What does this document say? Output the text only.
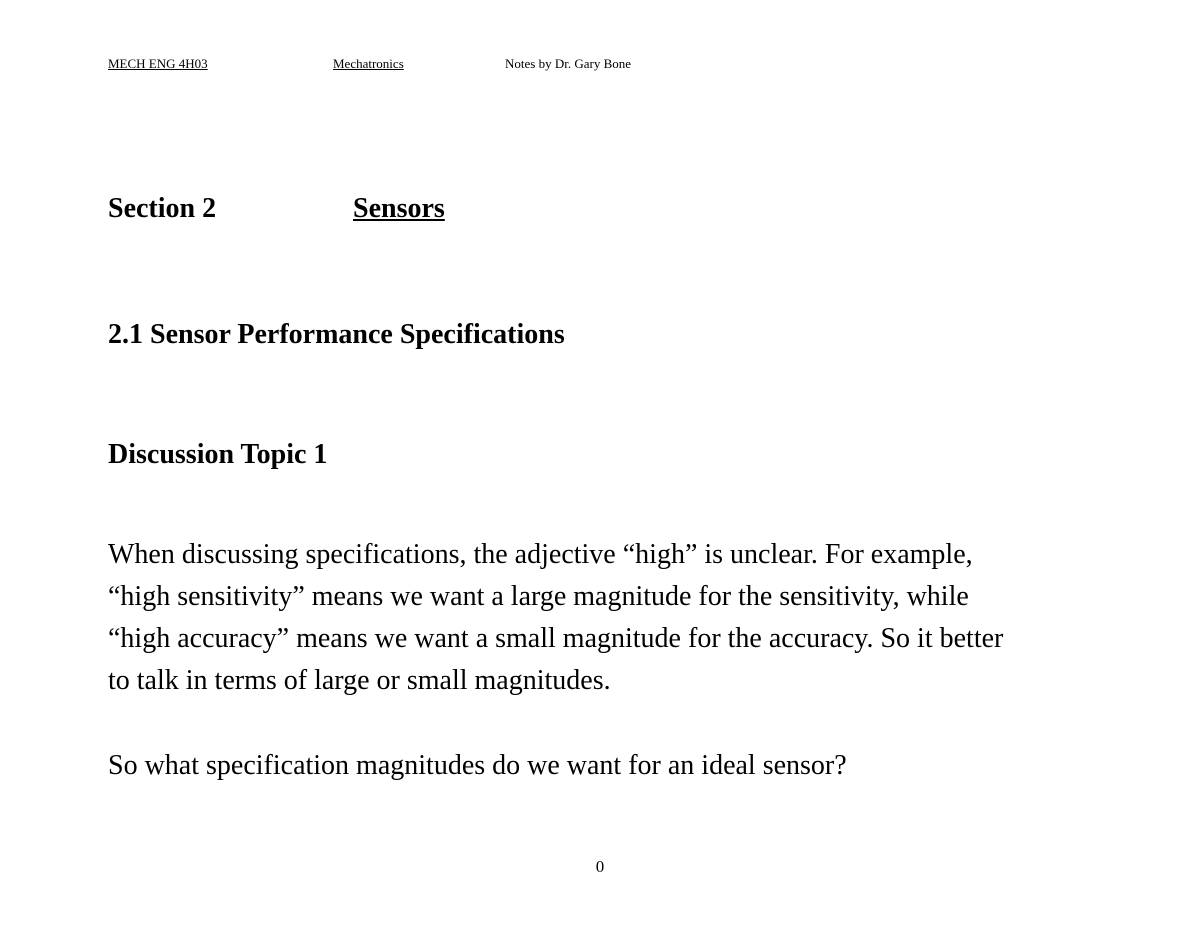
MECH ENG 4H03	Mechatronics	Notes by Dr. Gary Bone
Section 2	Sensors
2.1 Sensor Performance Specifications
Discussion Topic 1

When discussing specifications, the adjective “high” is unclear. For example,
“high sensitivity” means we want a large magnitude for the sensitivity, while
“high accuracy” means we want a small magnitude for the accuracy. So it better
to talk in terms of large or small magnitudes.

So what specification magnitudes do we want for an ideal sensor?

0
